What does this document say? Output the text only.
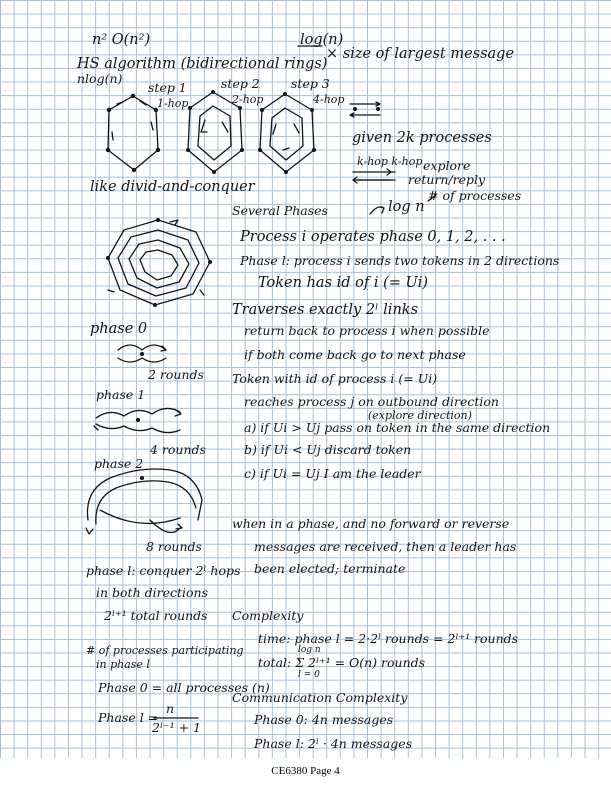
n² O(n²)	log(n)
× size of largest message
HS algorithm (bidirectional rings)
nlog(n)
step 1
1-hop
step 2
2-hop
step 3
4-hop
given 2k processes
k-hop k-hop explore
return/reply
# of processes
like divid-and-conquer
Several Phases	log n
Process i operates phase 0, 1, 2, . . .
Phase l: process i sends two tokens in 2 directions
Token has id of i (= Ui)
Traverses exactly 2ˡ links
return back to process i when possible
if both come back go to next phase
Token with id of process i (= Ui)
reaches process j on outbound direction
(explore direction)
a) if Ui > Uj pass on token in the same direction
b) if Ui < Uj discard token
c) if Ui = Uj I am the leader
phase 0
2 rounds
phase 1
4 rounds
phase 2
8 rounds
when in a phase, and no forward or reverse
messages are received, then a leader has
been elected; terminate
phase l: conquer 2ˡ hops
in both directions
2ˡ⁺¹ total rounds Complexity
time: phase l = 2·2ˡ rounds = 2ˡ⁺¹ rounds
log n
total: Σ 2ˡ⁺¹ = O(n) rounds
l = 0
# of processes participating
in phase l
Phase 0 = all processes (n)
Communication Complexity
Phase l =
n
2ˡ⁻¹ + 1
Phase 0: 4n messages
Phase l: 2ˡ · 4n messages
CE6380 Page 4
